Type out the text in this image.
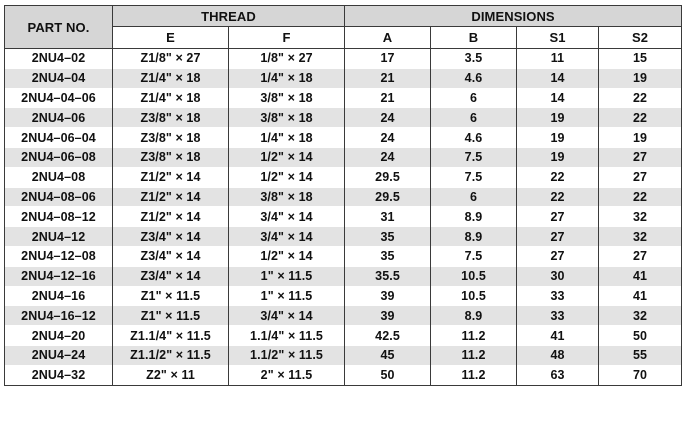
PART NO.	THREAD		DIMENSIONS			
	E	F	A	B	S1	S2
2NU4–02	Z1/8" × 27	1/8" × 27	17	3.5	11	15
2NU4–04	Z1/4" × 18	1/4" × 18	21	4.6	14	19
2NU4–04–06	Z1/4" × 18	3/8" × 18	21	6	14	22
2NU4–06	Z3/8" × 18	3/8" × 18	24	6	19	22
2NU4–06–04	Z3/8" × 18	1/4" × 18	24	4.6	19	19
2NU4–06–08	Z3/8" × 18	1/2" × 14	24	7.5	19	27
2NU4–08	Z1/2" × 14	1/2" × 14	29.5	7.5	22	27
2NU4–08–06	Z1/2" × 14	3/8" × 18	29.5	6	22	22
2NU4–08–12	Z1/2" × 14	3/4" × 14	31	8.9	27	32
2NU4–12	Z3/4" × 14	3/4" × 14	35	8.9	27	32
2NU4–12–08	Z3/4" × 14	1/2" × 14	35	7.5	27	27
2NU4–12–16	Z3/4" × 14	1" × 11.5	35.5	10.5	30	41
2NU4–16	Z1" × 11.5	1" × 11.5	39	10.5	33	41
2NU4–16–12	Z1" × 11.5	3/4" × 14	39	8.9	33	32
2NU4–20	Z1.1/4" × 11.5	1.1/4" × 11.5	42.5	11.2	41	50
2NU4–24	Z1.1/2" × 11.5	1.1/2" × 11.5	45	11.2	48	55
2NU4–32	Z2" × 11	2" × 11.5	50	11.2	63	70
